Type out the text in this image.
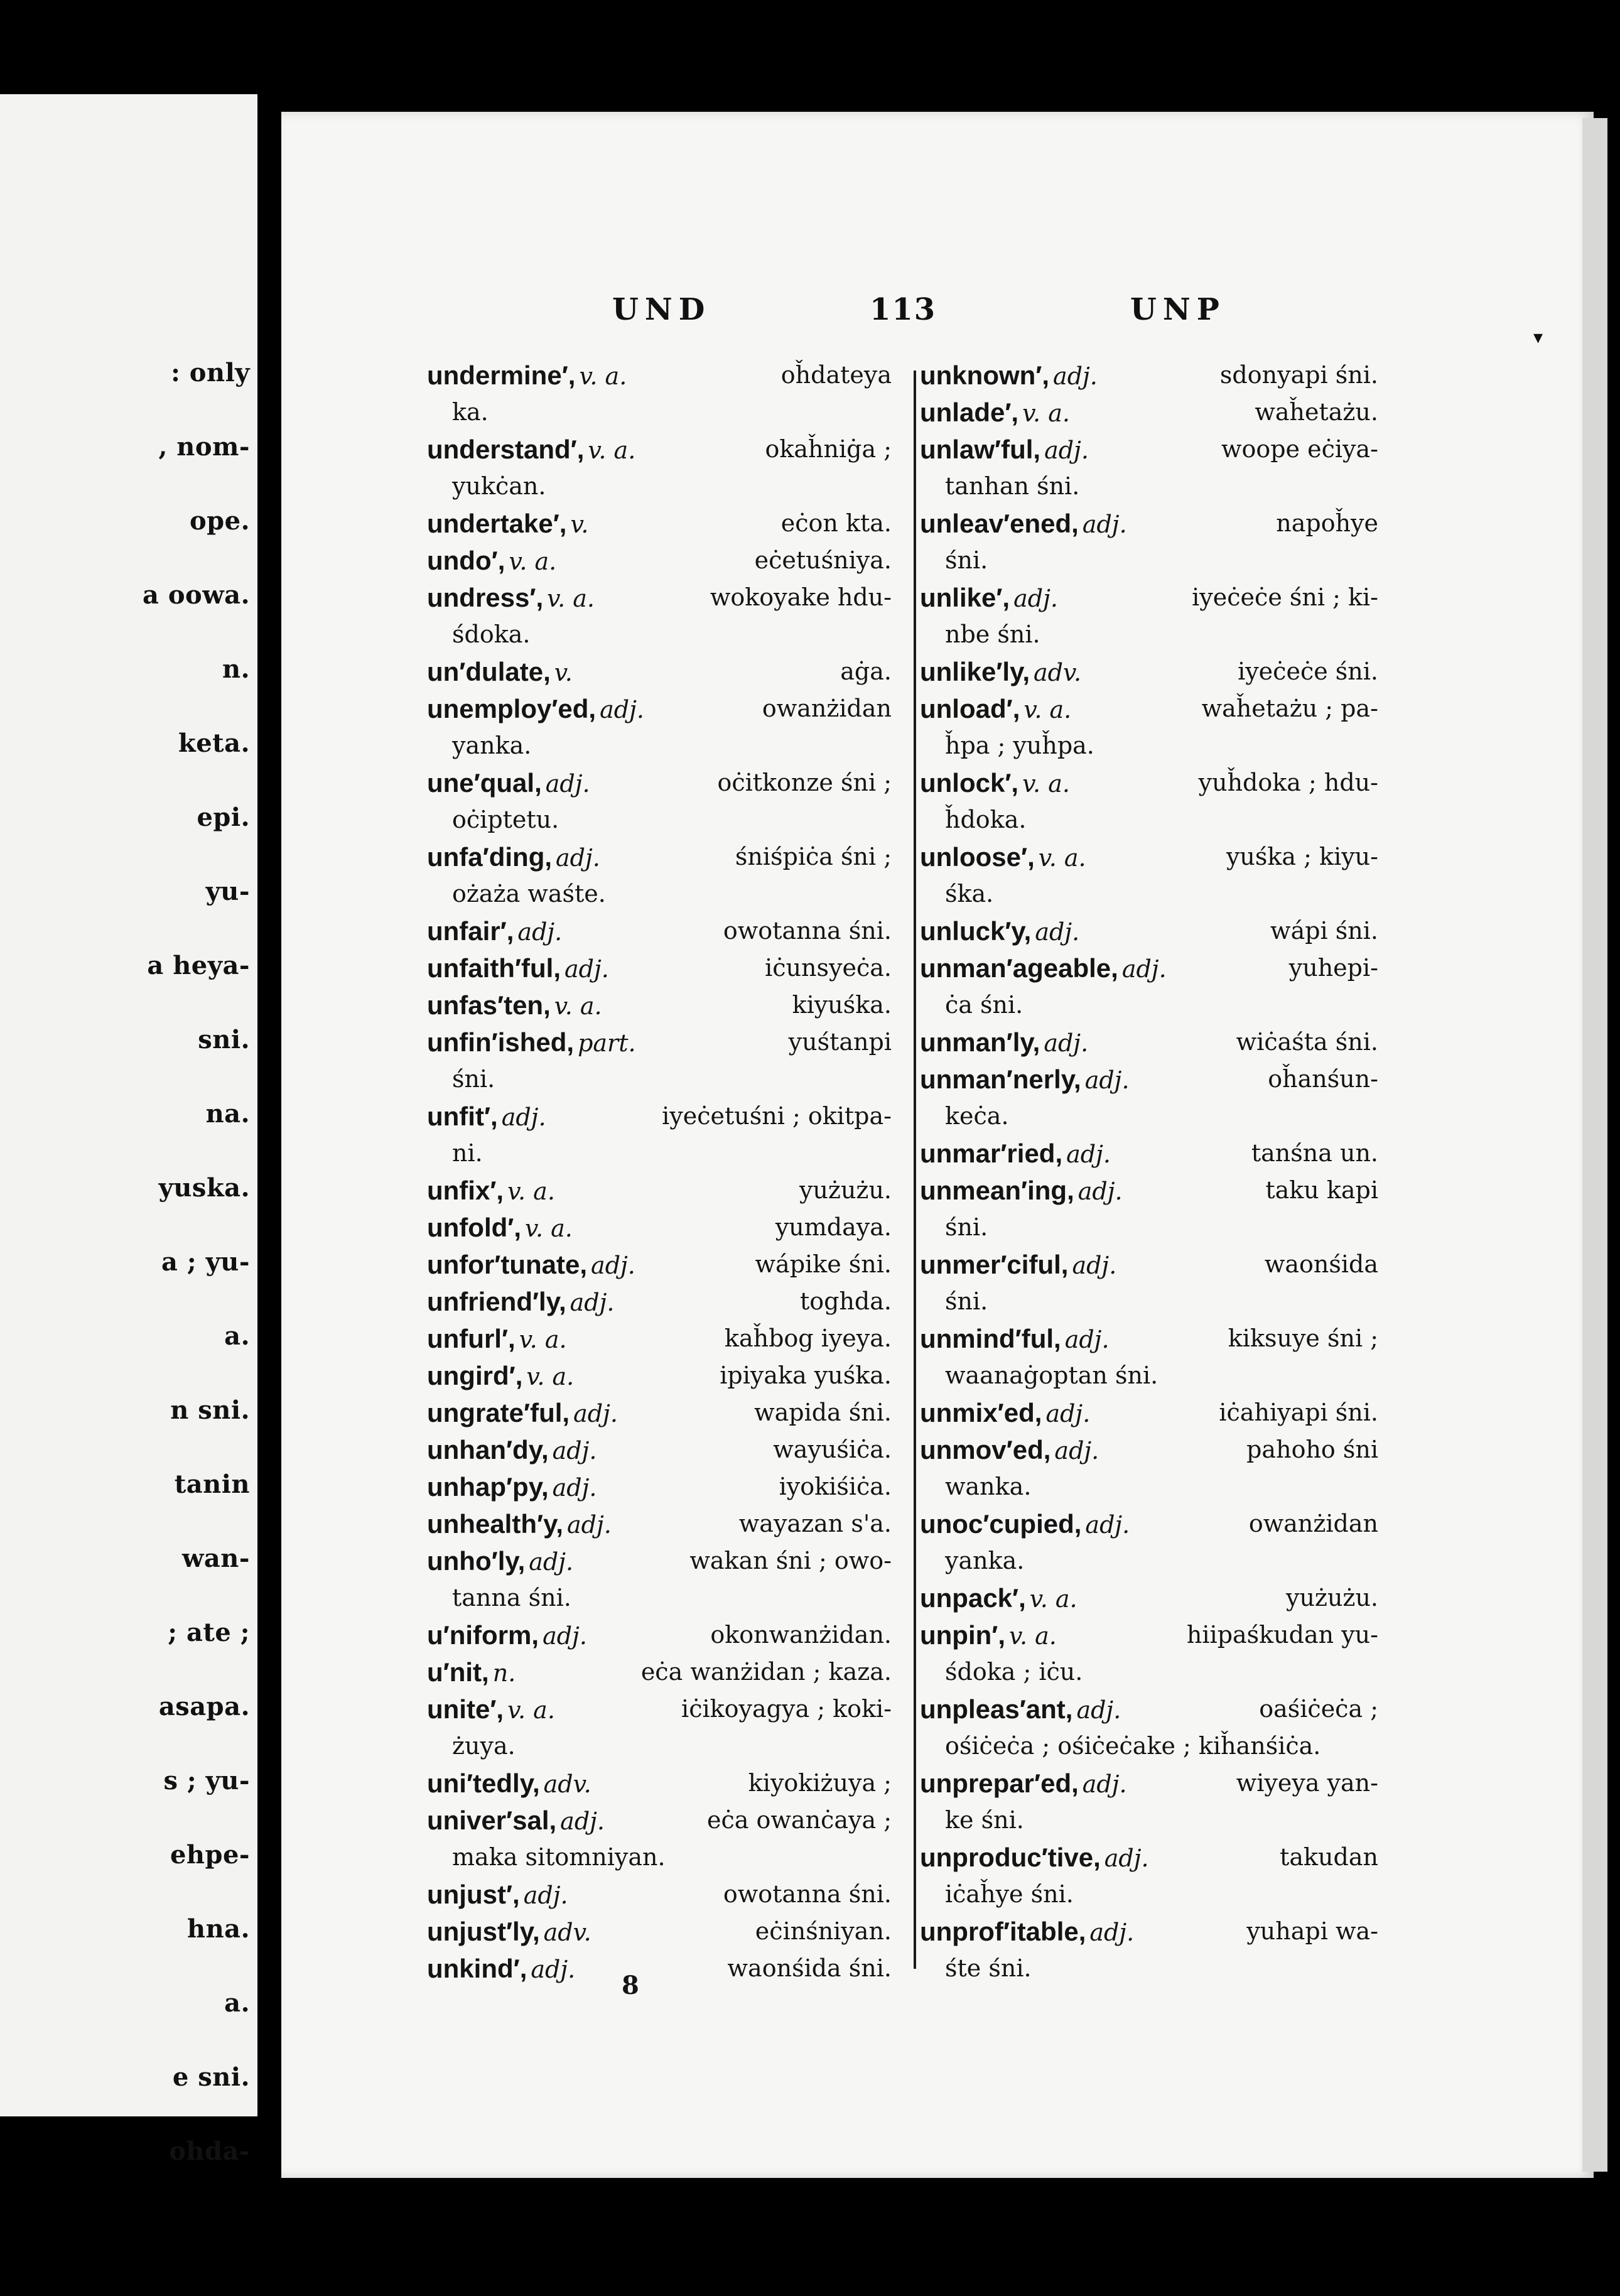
: only
, nom-
ope.
a oowa.
n.
keta.
epi.
yu-
a heya-
sni.
na.
yuska.
a ; yu-
a.
n sni.
tanin
wan-
; ate ;
asapa.
s ; yu-
ehpe-
hna.
a.
e sni.
ohda-
UND	113	UNP
▾
undermine′, v. a.	oȟdateya
ka.
understand′, v. a.	okaȟniġa ;
yukċan.
undertake′, v.	eċon kta.
undo′, v. a.	eċetuśniya.
undress′, v. a.	wokoyake hdu-
śdoka.
un′dulate, v.	aġa.
unemploy′ed, adj.	owanżidan
yanka.
une′qual, adj.	oċitkonze śni ;
oċiptetu.
unfa′ding, adj.	śniśpiċa śni ;
ożaża waśte.
unfair′, adj.	owotanna śni.
unfaith′ful, adj.	iċunsyeċa.
unfas′ten, v. a.	kiyuśka.
unfin′ished, part.	yuśtanpi
śni.
unfit′, adj.	iyeċetuśni ; okitpa-
ni.
unfix′, v. a.	yużużu.
unfold′, v. a.	yumdaya.
unfor′tunate, adj.	wápike śni.
unfriend′ly, adj.	toghda.
unfurl′, v. a.	kaȟbog iyeya.
ungird′, v. a.	ipiyaka yuśka.
ungrate′ful, adj.	wapida śni.
unhan′dy, adj.	wayuśiċa.
unhap′py, adj.	iyokiśiċa.
unhealth′y, adj.	wayazan s'a.
unho′ly, adj.	wakan śni ; owo-
tanna śni.
u′niform, adj.	okonwanżidan.
u′nit, n.	eċa wanżidan ; kaza.
unite′, v. a.	iċikoyagya ; koki-
żuya.
uni′tedly, adv.	kiyokiżuya ;
univer′sal, adj.	eċa owanċaya ;
maka sitomniyan.
unjust′, adj.	owotanna śni.
unjust′ly, adv.	eċinśniyan.
unkind′, adj.	waonśida śni.
unknown′, adj.	sdonyapi śni.
unlade′, v. a.	waȟetażu.
unlaw′ful, adj.	woope eċiya-
tanhan śni.
unleav′ened, adj.	napoȟye
śni.
unlike′, adj.	iyeċeċe śni ; ki-
nbe śni.
unlike′ly, adv.	iyeċeċe śni.
unload′, v. a.	waȟetażu ; pa-
ȟpa ; yuȟpa.
unlock′, v. a.	yuȟdoka ; hdu-
ȟdoka.
unloose′, v. a.	yuśka ; kiyu-
śka.
unluck′y, adj.	wápi śni.
unman′ageable, adj.	yuhepi-
ċa śni.
unman′ly, adj.	wiċaśta śni.
unman′nerly, adj.	oȟanśun-
keċa.
unmar′ried, adj.	tanśna un.
unmean′ing, adj.	taku kapi
śni.
unmer′ciful, adj.	waonśida
śni.
unmind′ful, adj.	kiksuye śni ;
waanaġoptan śni.
unmix′ed, adj.	iċahiyapi śni.
unmov′ed, adj.	pahoho śni
wanka.
unoc′cupied, adj.	owanżidan
yanka.
unpack′, v. a.	yużużu.
unpin′, v. a.	hiipaśkudan yu-
śdoka ; iċu.
unpleas′ant, adj.	oaśiċeċa ;
ośiċeċa ; ośiċeċake ; kiȟanśiċa.
unprepar′ed, adj.	wiyeya yan-
ke śni.
unproduc′tive, adj.	takudan
iċaȟye śni.
unprof′itable, adj.	yuhapi wa-
śte śni.
8
